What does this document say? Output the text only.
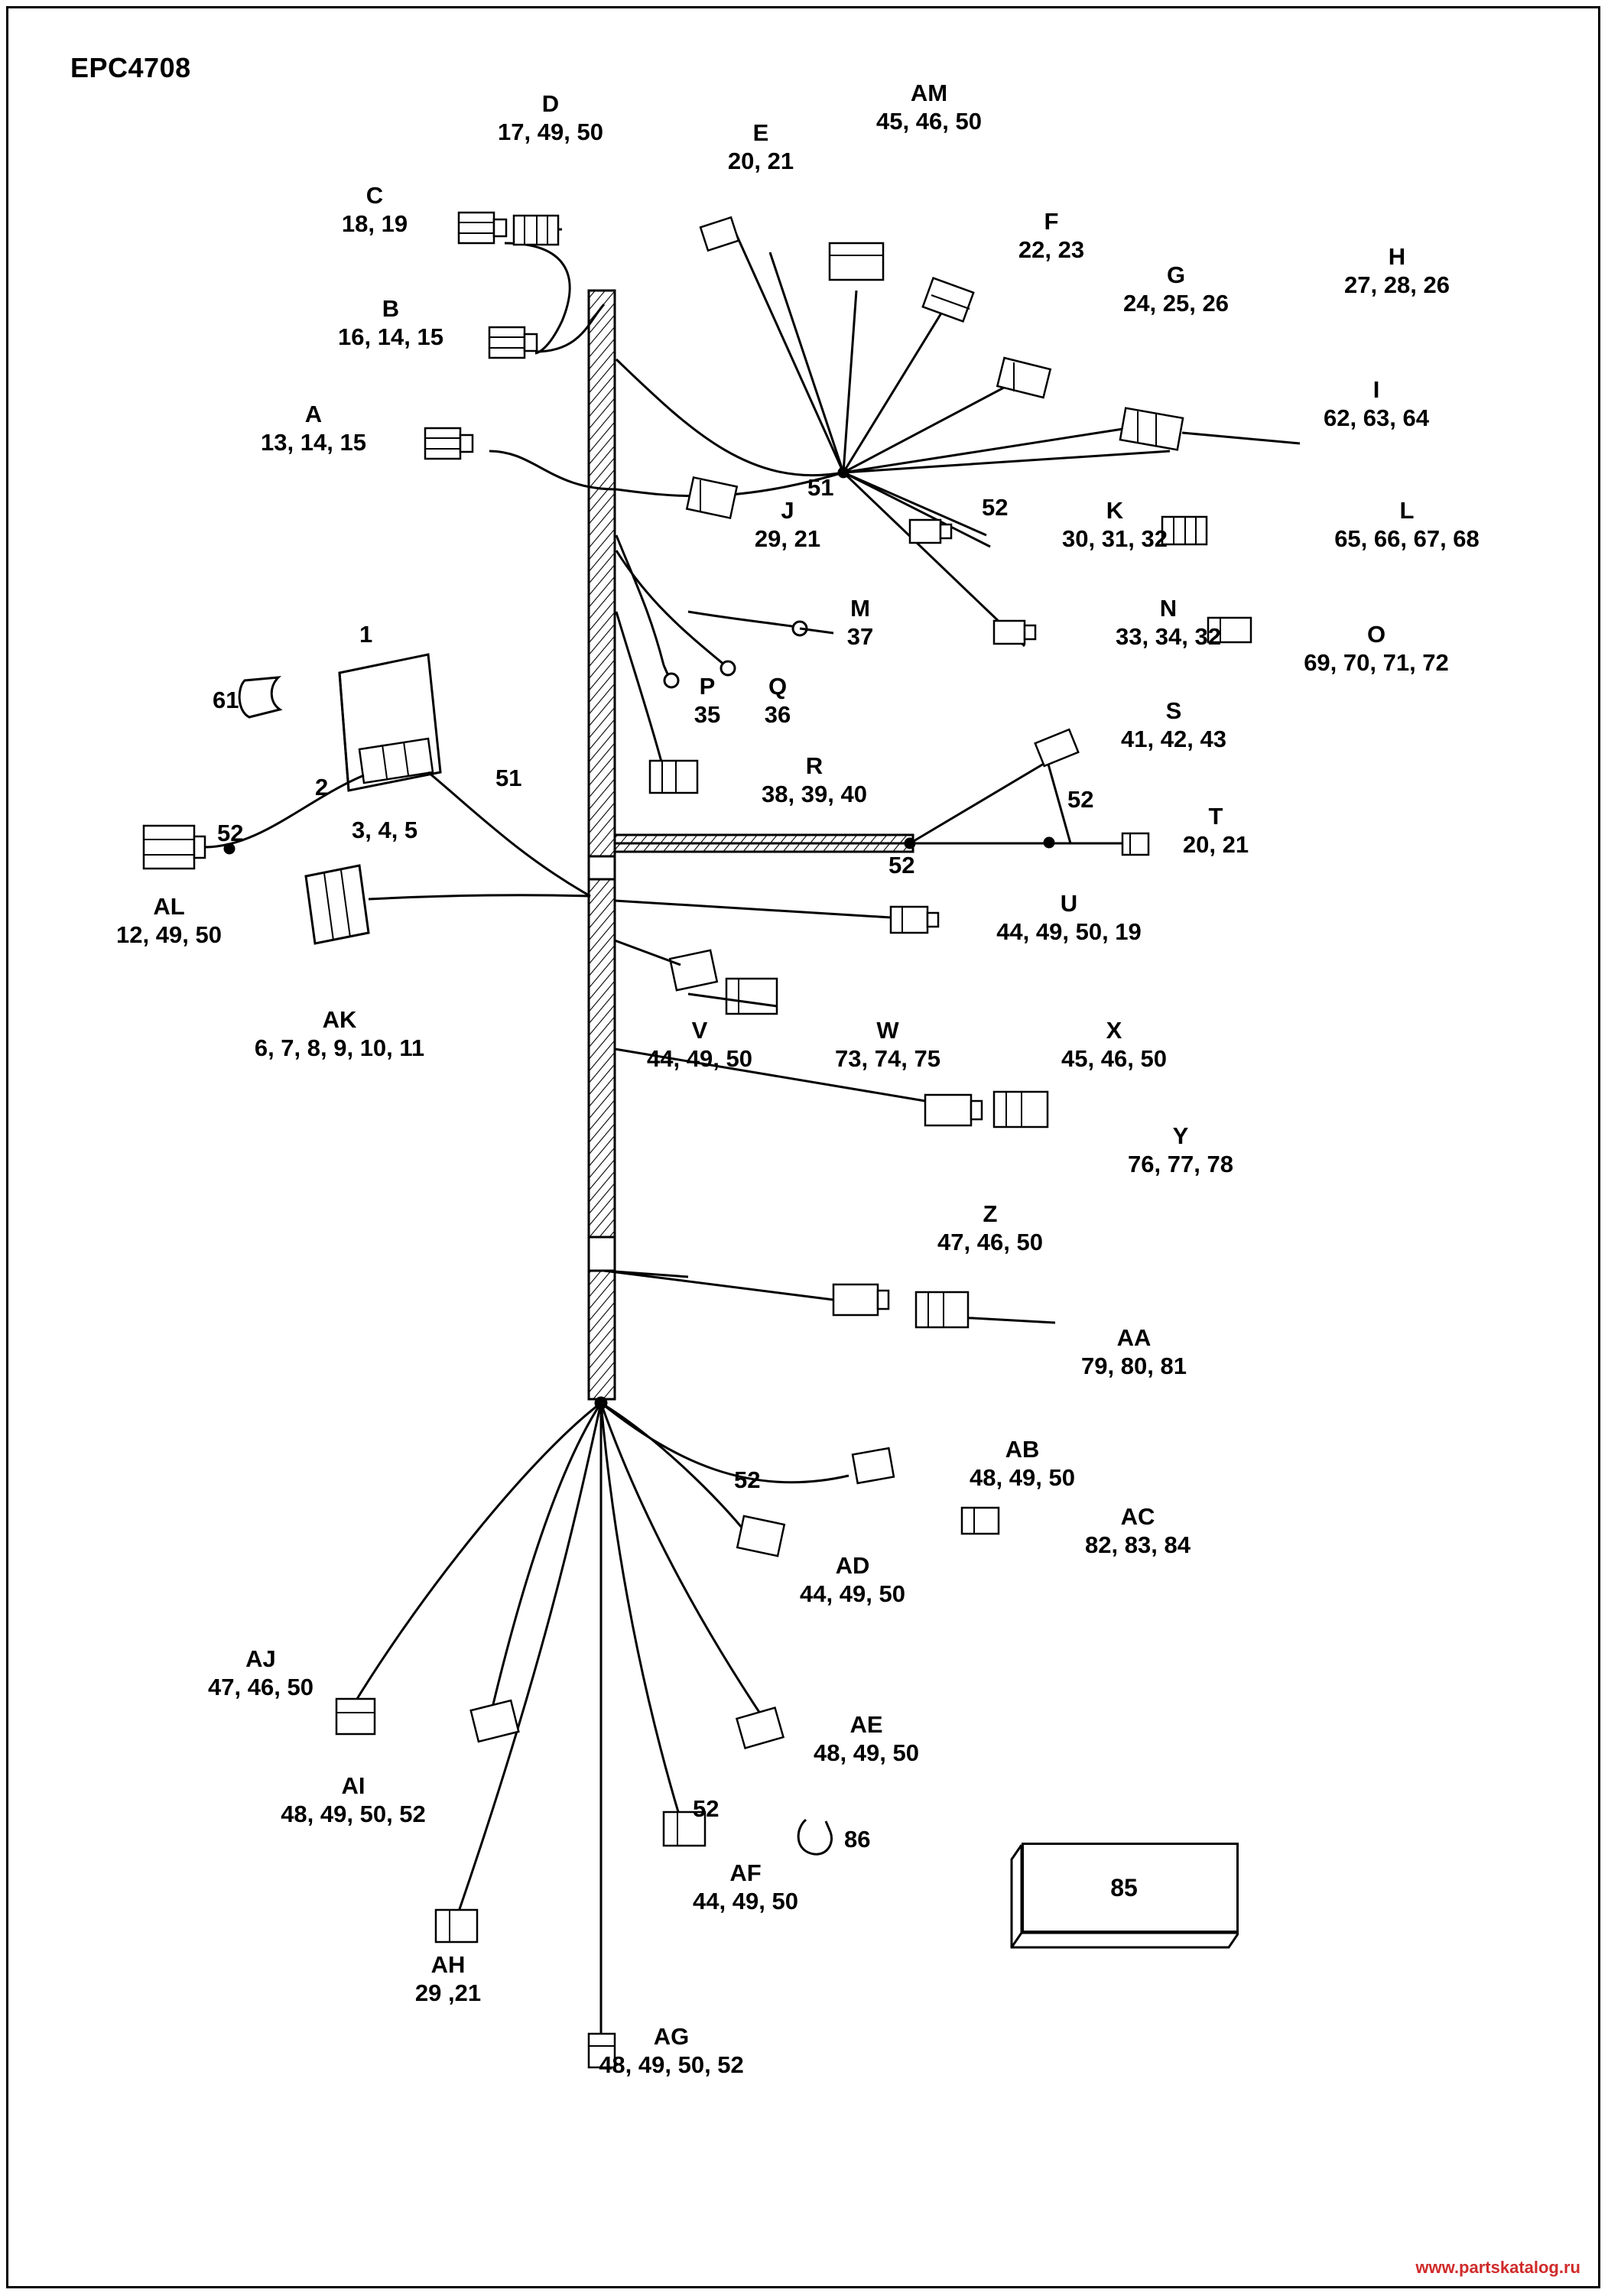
EPC4708
85
A
13, 14, 15
B
16, 14, 15
C
18, 19
D
17, 49, 50	E
20, 21
F
22, 23
G
24, 25, 26
H
27, 28, 26
I
62, 63, 64
J
29, 21
K
30, 31, 32
L
65, 66, 67, 68
M
37
N
33, 34, 32	O
69, 70, 71, 72
P
35
Q
36
R
38, 39, 40
S
41, 42, 43
T
20, 21
U
44, 49, 50, 19
V
44, 49, 50
W
73, 74, 75
X
45, 46, 50
Y
76, 77, 78
Z
47, 46, 50
AA
79, 80, 81
AB
48, 49, 50
AC
82, 83, 84
AD
44, 49, 50
AE
48, 49, 50
AF
44, 49, 50
AG
48, 49, 50, 52
AH
29 ,21
AI
48, 49, 50, 52
AJ
47, 46, 50
AK
6, 7, 8, 9, 10, 11
AL
12, 49, 50
AM
45, 46, 50
1
2
3, 4, 5
51
51
52
52
52
52
52
52
61
86
www.partskatalog.ru
